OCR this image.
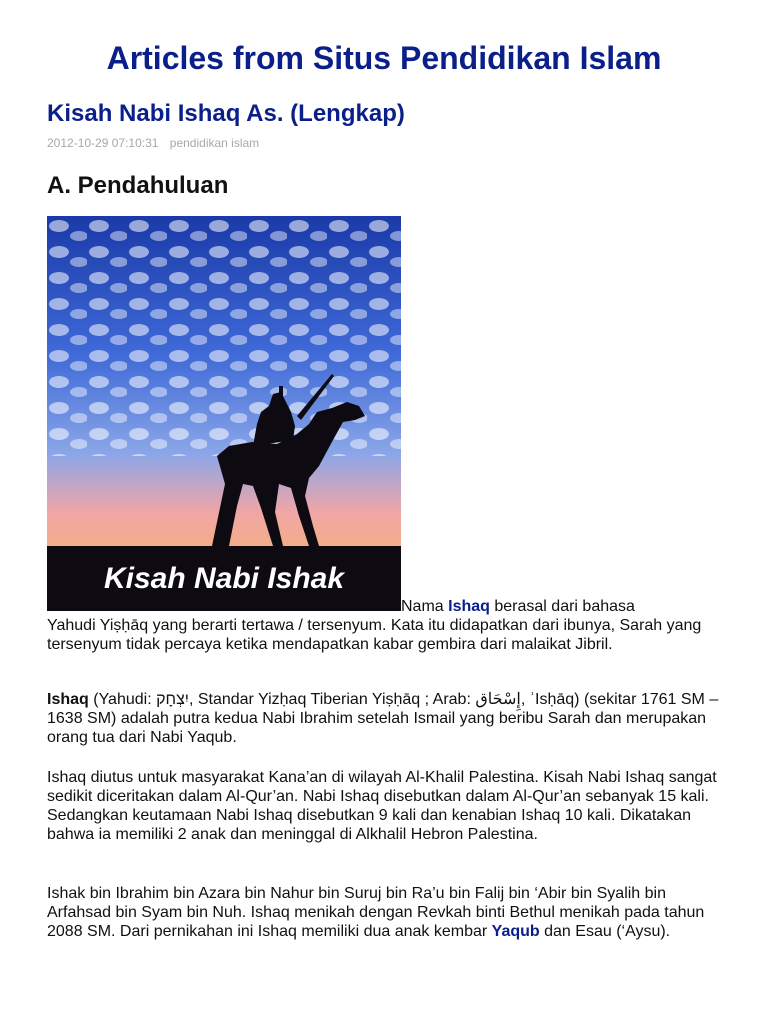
Articles from Situs Pendidikan Islam
Kisah Nabi Ishaq As. (Lengkap)
2012-10-29 07:10:31 pendidikan islam
A. Pendahuluan
Kisah Nabi Ishak

Nama Ishaq berasal dari bahasa
Yahudi Yiṣḥāq yang berarti tertawa / tersenyum. Kata itu didapatkan dari ibunya, Sarah yang tersenyum tidak percaya ketika mendapatkan kabar gembira dari malaikat Jibril.

Ishaq (Yahudi: יִצְחָק, Standar Yizḥaq Tiberian Yiṣḥāq ; Arab: إِسْحَاق, ʾIsḥāq) (sekitar 1761 SM – 1638 SM) adalah putra kedua Nabi Ibrahim setelah Ismail yang beribu Sarah dan merupakan orang tua dari Nabi Yaqub.

Ishaq diutus untuk masyarakat Kana’an di wilayah Al-Khalil Palestina. Kisah Nabi Ishaq sangat sedikit diceritakan dalam Al-Qur’an. Nabi Ishaq disebutkan dalam Al-Qur’an sebanyak 15 kali. Sedangkan keutamaan Nabi Ishaq disebutkan 9 kali dan kenabian Ishaq 10 kali. Dikatakan bahwa ia memiliki 2 anak dan meninggal di Alkhalil Hebron Palestina.

Ishak bin Ibrahim bin Azara bin Nahur bin Suruj bin Ra’u bin Falij bin ‘Abir bin Syalih bin Arfahsad bin Syam bin Nuh. Ishaq menikah dengan Revkah binti Bethul menikah pada tahun 2088 SM. Dari pernikahan ini Ishaq memiliki dua anak kembar Yaqub dan Esau (‘Aysu).
